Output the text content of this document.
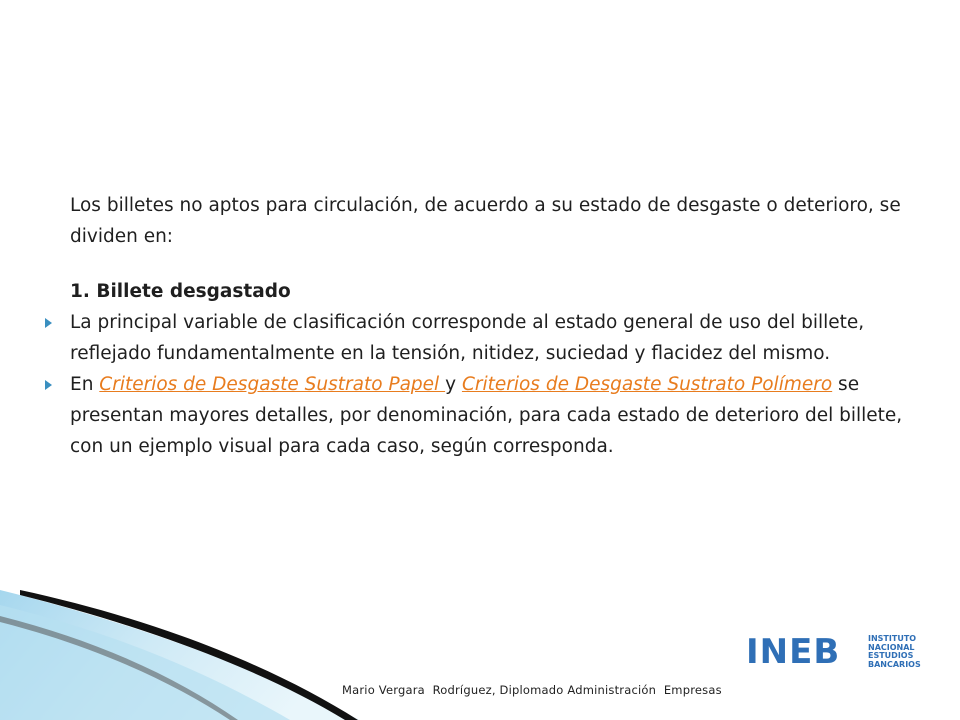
Los billetes no aptos para circulación, de acuerdo a su estado de desgaste o deterioro, se dividen en:

1. Billete desgastado

La principal variable de clasificación corresponde al estado general de uso del billete, reflejado fundamentalmente en la tensión, nitidez, suciedad y flacidez del mismo.
En Criterios de Desgaste Sustrato Papel y Criterios de Desgaste Sustrato Polímero se presentan mayores detalles, por denominación, para cada estado de deterioro del billete, con un ejemplo visual para cada caso, según corresponda.
INEB	INSTITUTO
NACIONAL
ESTUDIOS
BANCARIOS
Mario Vergara  Rodríguez, Diplomado Administración  Empresas
